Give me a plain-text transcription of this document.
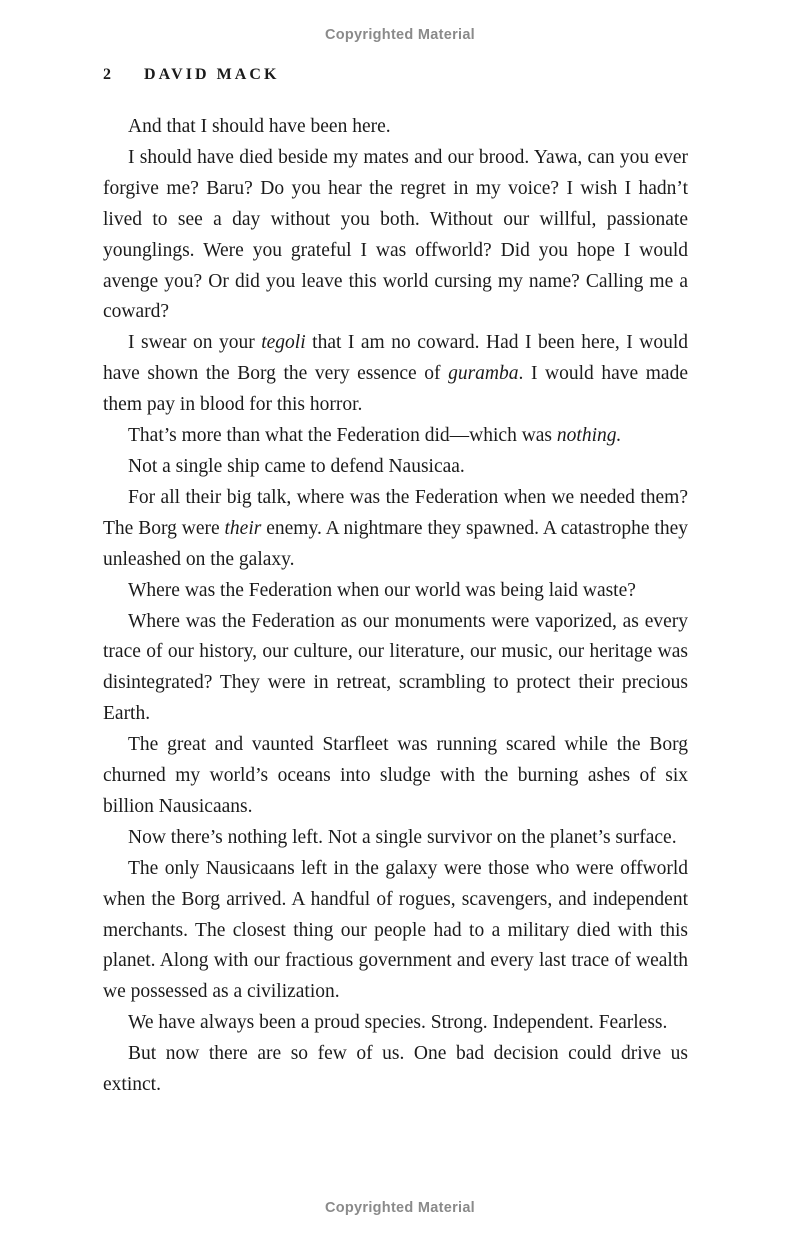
Copyrighted Material
2 DAVID MACK

And that I should have been here.

I should have died beside my mates and our brood. Yawa, can you ever forgive me? Baru? Do you hear the regret in my voice? I wish I hadn’t lived to see a day without you both. Without our willful, passionate younglings. Were you grateful I was offworld? Did you hope I would avenge you? Or did you leave this world cursing my name? Calling me a coward?

I swear on your tegoli that I am no coward. Had I been here, I would have shown the Borg the very essence of guramba. I would have made them pay in blood for this horror.

That’s more than what the Federation did—which was nothing.

Not a single ship came to defend Nausicaa.

For all their big talk, where was the Federation when we needed them? The Borg were their enemy. A nightmare they spawned. A catastrophe they unleashed on the galaxy.

Where was the Federation when our world was being laid waste?

Where was the Federation as our monuments were vaporized, as every trace of our history, our culture, our literature, our music, our heritage was disintegrated? They were in retreat, scrambling to protect their precious Earth.

The great and vaunted Starfleet was running scared while the Borg churned my world’s oceans into sludge with the burning ashes of six billion Nausicaans.

Now there’s nothing left. Not a single survivor on the planet’s surface.

The only Nausicaans left in the galaxy were those who were offworld when the Borg arrived. A handful of rogues, scavengers, and independent merchants. The closest thing our people had to a military died with this planet. Along with our fractious government and every last trace of wealth we possessed as a civilization.

We have always been a proud species. Strong. Independent. Fearless.

But now there are so few of us. One bad decision could drive us extinct.

Copyrighted Material
